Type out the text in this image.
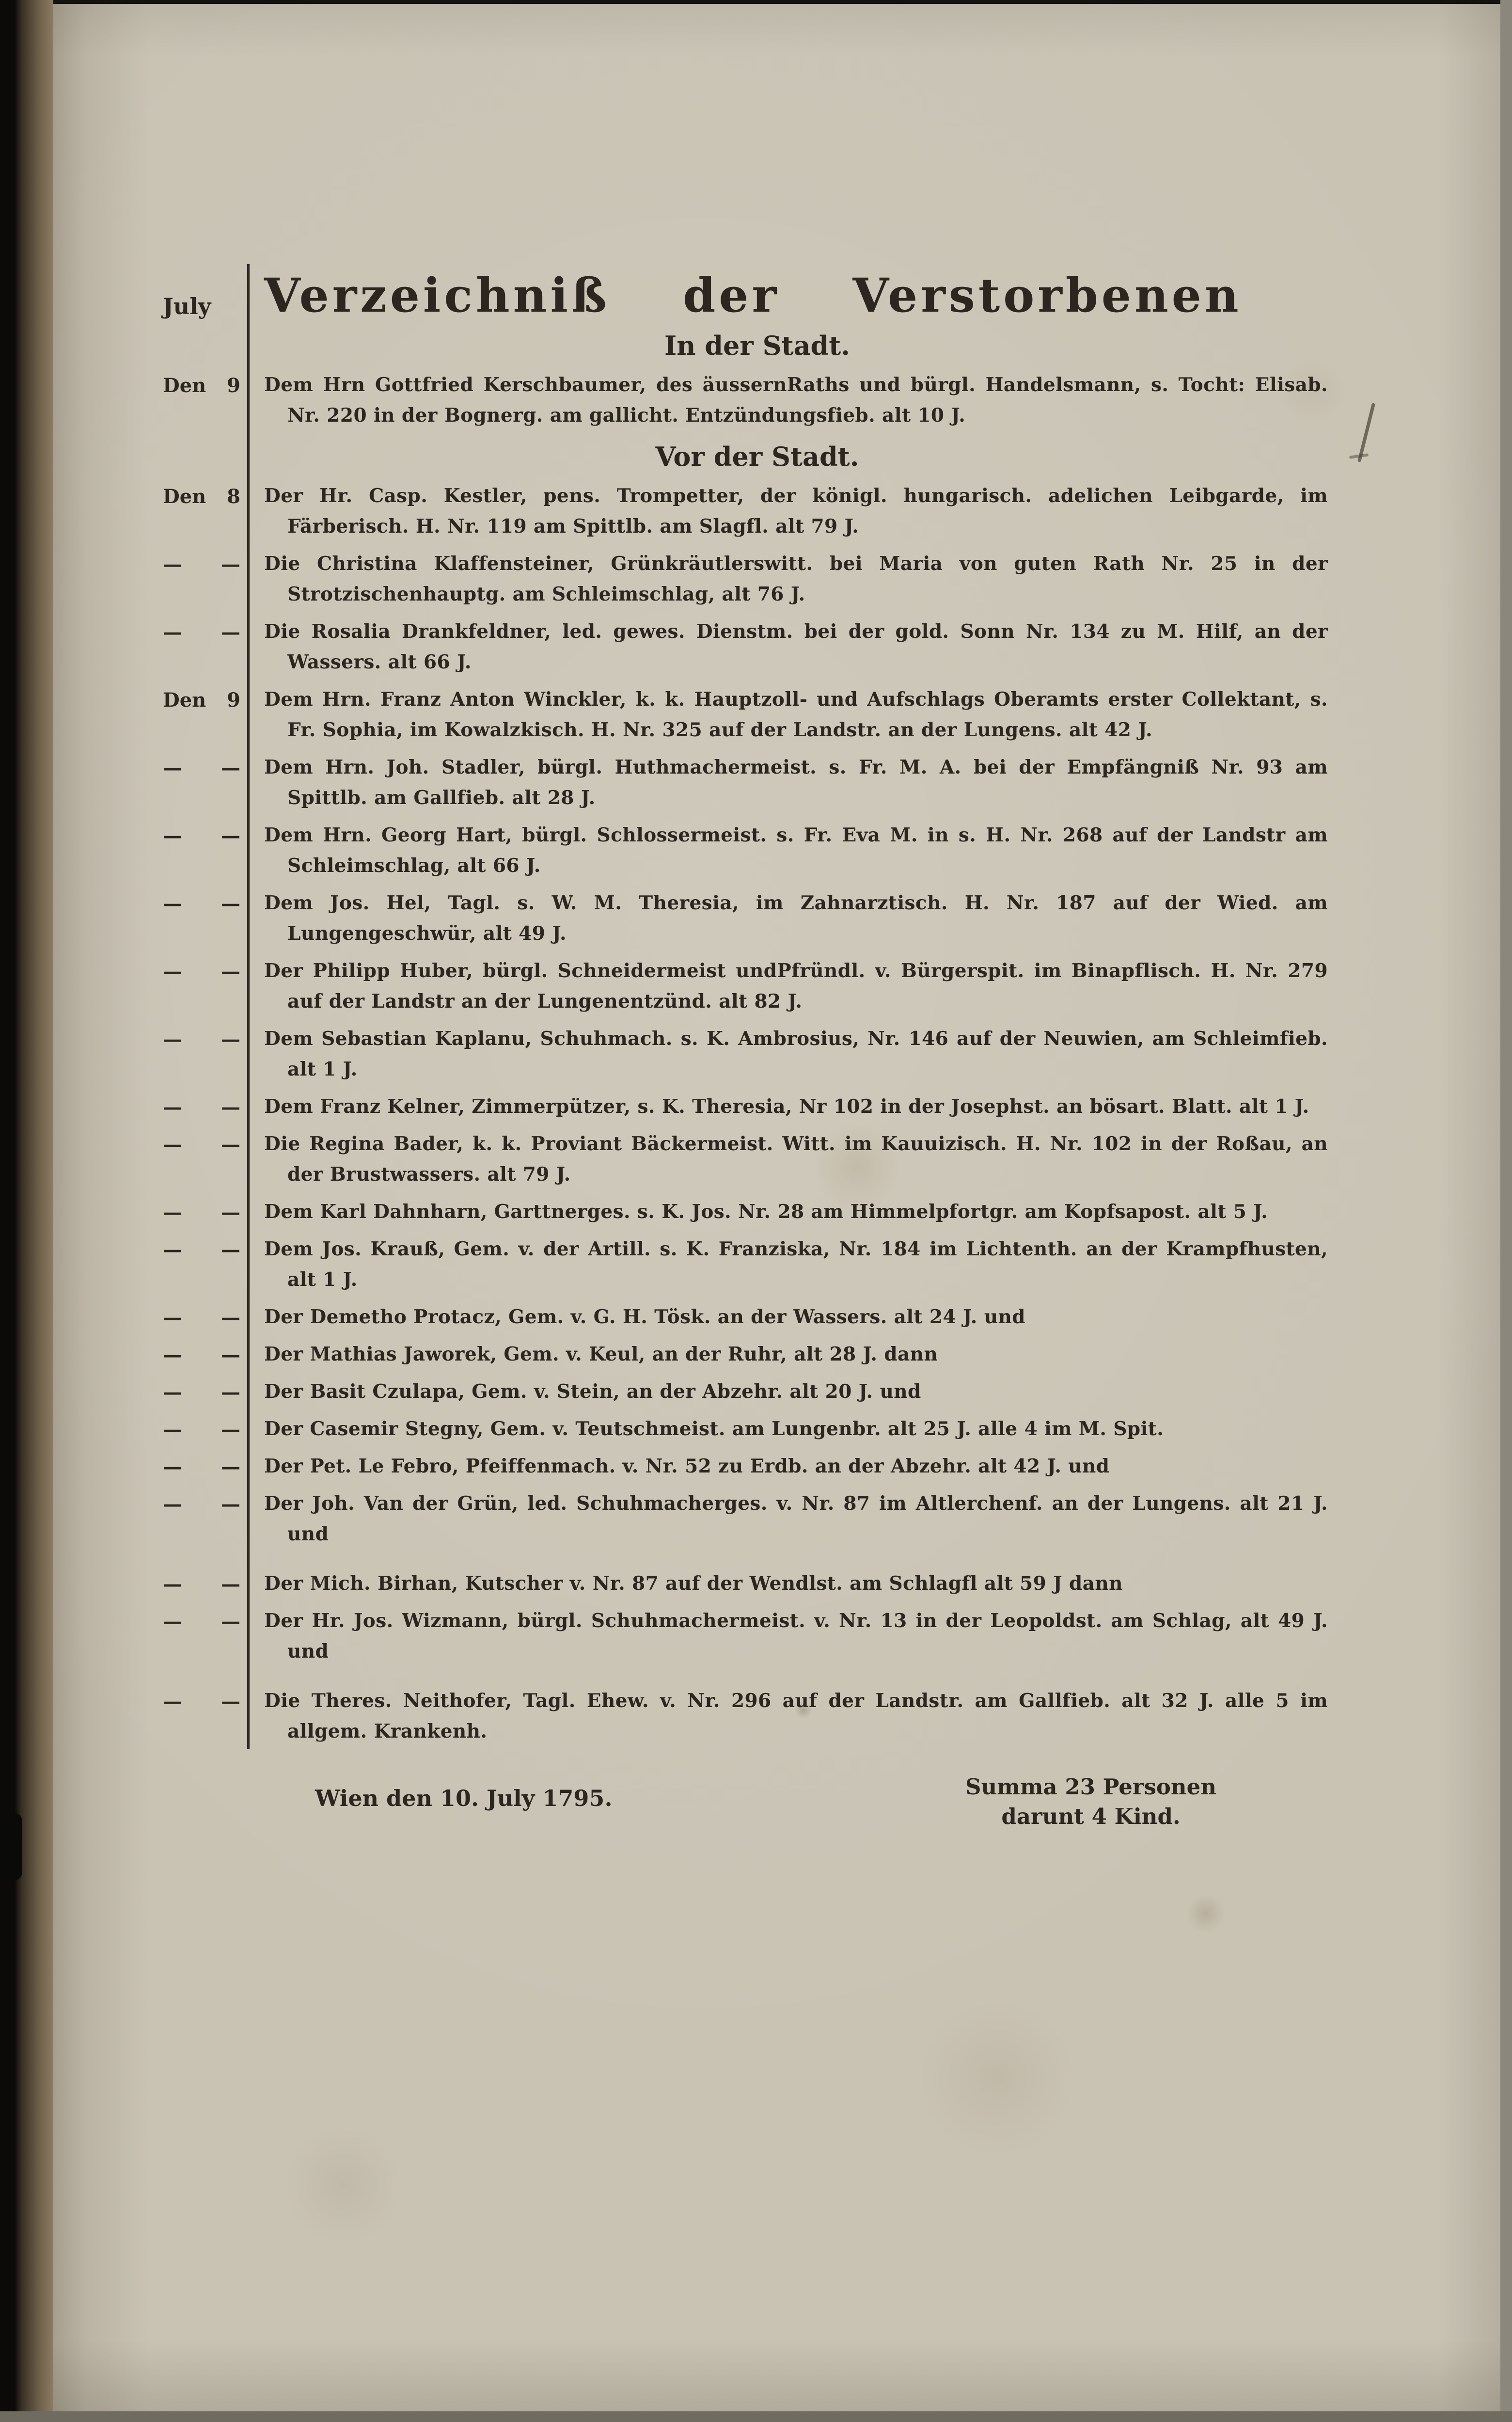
July Verzeichniß der Verstorbenen
In der Stadt.
Den 9 Dem Hrn Gottfried Kerschbaumer, des äussernRaths und bürgl. Handelsmann, s. Tocht: Elisab. Nr. 220 in der Bognerg. am gallicht. Entzündungsfieb. alt 10 J.

Vor der Stadt.
Den 8 Der Hr. Casp. Kestler, pens. Trompetter, der königl. hungarisch. adelichen Leibgarde, im Färberisch. H. Nr. 119 am Spittlb. am Slagfl. alt 79 J.

— — Die Christina Klaffensteiner, Grünkräutlerswitt. bei Maria von guten Rath Nr. 25 in der Strotzischenhauptg. am Schleimschlag, alt 76 J.

— — Die Rosalia Drankfeldner, led. gewes. Dienstm. bei der gold. Sonn Nr. 134 zu M. Hilf, an der Wassers. alt 66 J.

Den 9 Dem Hrn. Franz Anton Winckler, k. k. Hauptzoll- und Aufschlags Oberamts erster Collektant, s. Fr. Sophia, im Kowalzkisch. H. Nr. 325 auf der Landstr. an der Lungens. alt 42 J.

— — Dem Hrn. Joh. Stadler, bürgl. Huthmachermeist. s. Fr. M. A. bei der Empfängniß Nr. 93 am Spittlb. am Gallfieb. alt 28 J.

— — Dem Hrn. Georg Hart, bürgl. Schlossermeist. s. Fr. Eva M. in s. H. Nr. 268 auf der Landstr am Schleimschlag, alt 66 J.

— — Dem Jos. Hel, Tagl. s. W. M. Theresia, im Zahnarztisch. H. Nr. 187 auf der Wied. am Lungengeschwür, alt 49 J.

— — Der Philipp Huber, bürgl. Schneidermeist undPfründl. v. Bürgerspit. im Binapflisch. H. Nr. 279 auf der Landstr an der Lungenentzünd. alt 82 J.

— — Dem Sebastian Kaplanu, Schuhmach. s. K. Ambrosius, Nr. 146 auf der Neuwien, am Schleimfieb. alt 1 J.

— — Dem Franz Kelner, Zimmerpützer, s. K. Theresia, Nr 102 in der Josephst. an bösart. Blatt. alt 1 J.

— — Die Regina Bader, k. k. Proviant Bäckermeist. Witt. im Kauuizisch. H. Nr. 102 in der Roßau, an der Brustwassers. alt 79 J.

— — Dem Karl Dahnharn, Garttnerges. s. K. Jos. Nr. 28 am Himmelpfortgr. am Kopfsapost. alt 5 J.

— — Dem Jos. Krauß, Gem. v. der Artill. s. K. Franziska, Nr. 184 im Lichtenth. an der Krampfhusten, alt 1 J.

— — Der Demetho Protacz, Gem. v. G. H. Tösk. an der Wassers. alt 24 J. und

— — Der Mathias Jaworek, Gem. v. Keul, an der Ruhr, alt 28 J. dann

— — Der Basit Czulapa, Gem. v. Stein, an der Abzehr. alt 20 J. und

— — Der Casemir Stegny, Gem. v. Teutschmeist. am Lungenbr. alt 25 J. alle 4 im M. Spit.

— — Der Pet. Le Febro, Pfeiffenmach. v. Nr. 52 zu Erdb. an der Abzehr. alt 42 J. und

— — Der Joh. Van der Grün, led. Schuhmacherges. v. Nr. 87 im Altlerchenf. an der Lungens. alt 21 J. und

— — Der Mich. Birhan, Kutscher v. Nr. 87 auf der Wendlst. am Schlagfl alt 59 J dann

— — Der Hr. Jos. Wizmann, bürgl. Schuhmachermeist. v. Nr. 13 in der Leopoldst. am Schlag, alt 49 J. und

— — Die Theres. Neithofer, Tagl. Ehew. v. Nr. 296 auf der Landstr. am Gallfieb. alt 32 J. alle 5 im allgem. Krankenh.

Wien den 10. July 1795.	Summa 23 Personen
darunt 4 Kind.
